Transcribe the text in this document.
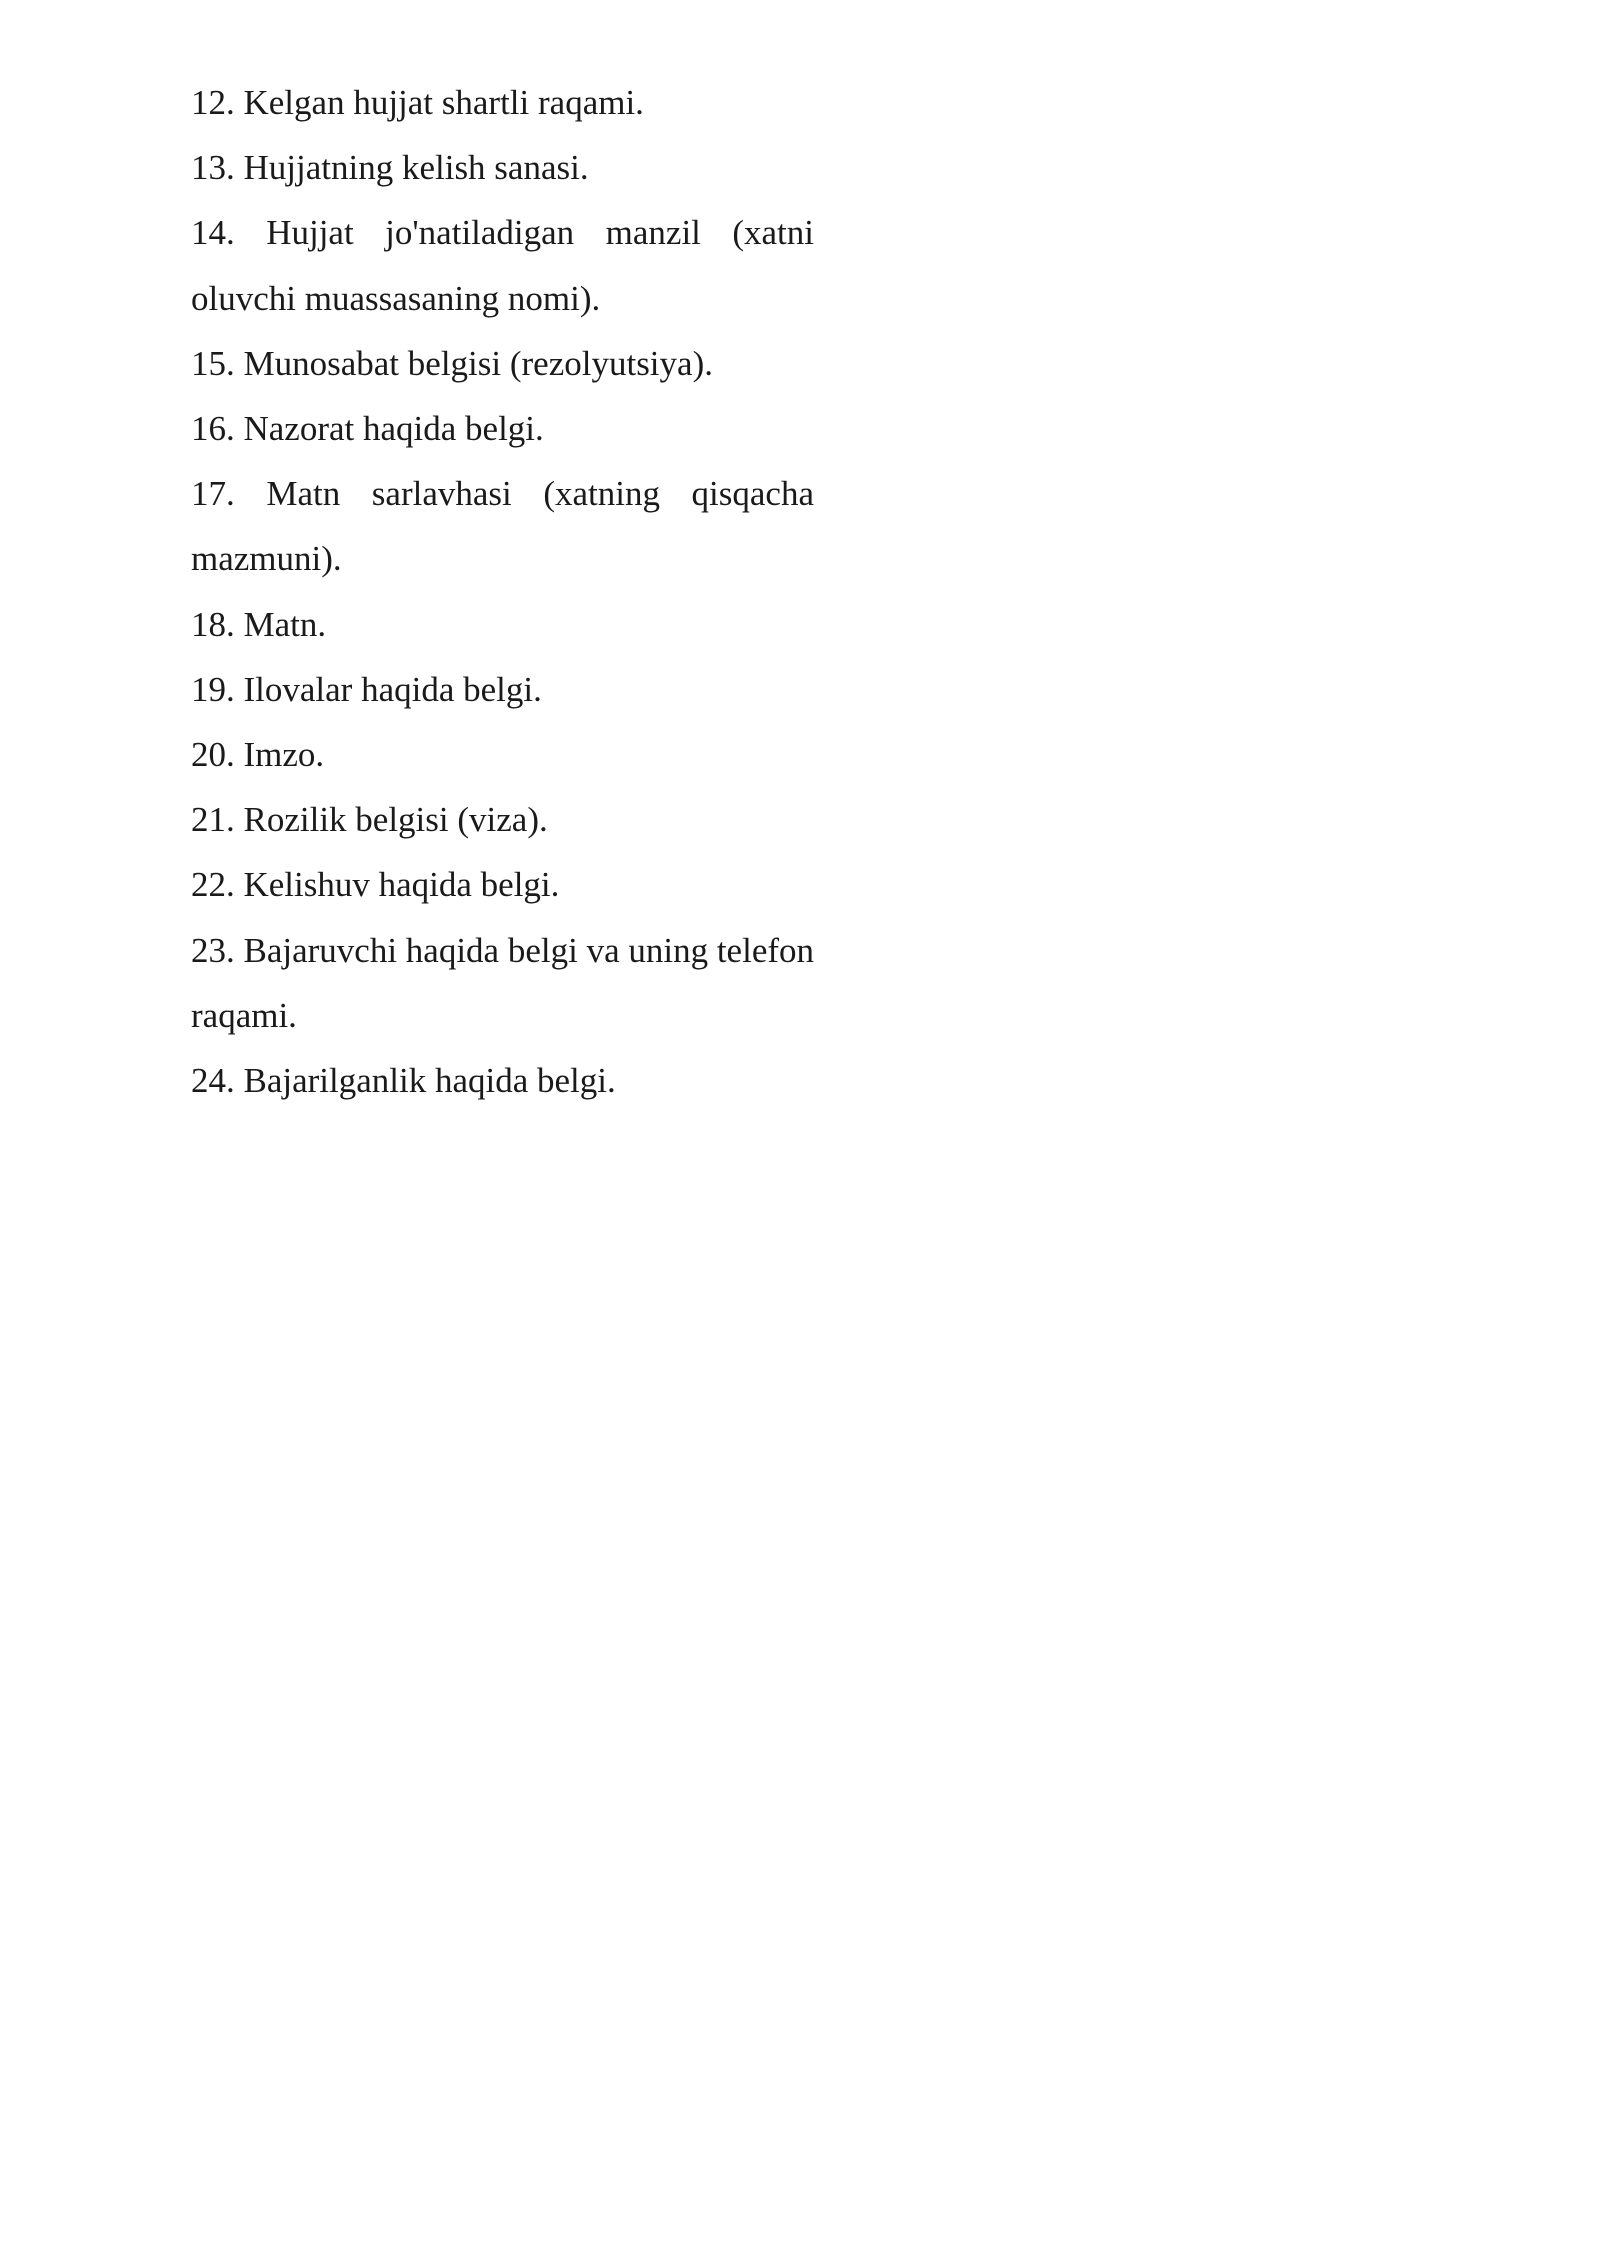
12. Kelgan hujjat shartli raqami.
13. Hujjatning kelish sanasi.
14. Hujjat jo'natiladigan manzil (xatni oluvchi muassasaning nomi).
15. Munosabat belgisi (rezolyutsiya).
16. Nazorat haqida belgi.
17. Matn sarlavhasi (xatning qisqacha mazmuni).
18. Matn.
19. Ilovalar haqida belgi.
20. Imzo.
21. Rozilik belgisi (viza).
22. Kelishuv haqida belgi.
23. Bajaruvchi haqida belgi va uning telefon raqami.
24. Bajarilganlik haqida belgi.
